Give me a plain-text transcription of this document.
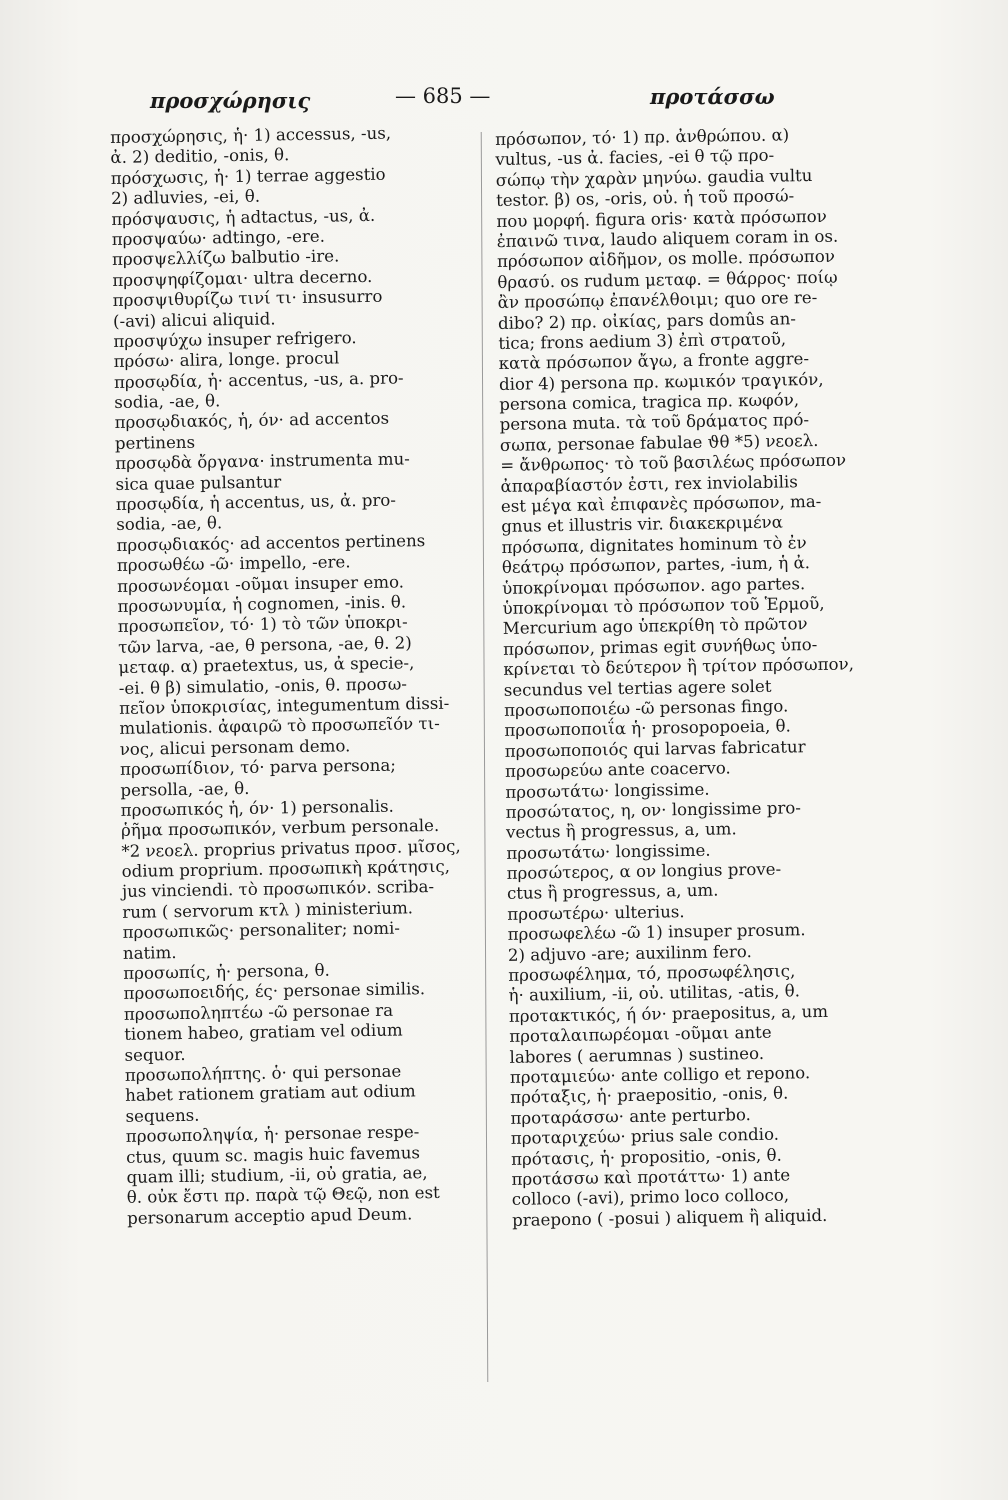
προσχώρησις	— 685 —	προτάσσω
προσχώρησις, ἡ· 1) accessus, -us,
ἀ. 2) deditio, -onis, θ.
πρόσχωσις, ἡ· 1) terrae aggestio
2) adluvies, -ei, θ.
πρόσψαυσις, ἡ adtactus, -us, ἀ.
προσψαύω· adtingo, -ere.
προσψελλίζω balbutio -ire.
προσψηφίζομαι· ultra decerno.
προσψιθυρίζω τινί τι· insusurro
(-avi) alicui aliquid.
προσψύχω insuper refrigero.
πρόσω· alira, longe. procul
προσῳδία, ἡ· accentus, -us, a. pro-
sodia, -ae, θ.
προσῳδιακός, ἡ, όν· ad accentos
pertinens
προσῳδὰ ὄργανα· instrumenta mu-
sica quae pulsantur
προσῳδία, ἡ accentus, us, ἀ. pro-
sodia, -ae, θ.
προσῳδιακός· ad accentos pertinens
προσωθέω -ῶ· impello, -ere.
προσωνέομαι -οῦμαι insuper emo.
προσωνυμία, ἡ cognomen, -inis. θ.
προσωπεῖον, τό· 1) τὸ τῶν ὑποκρι-
τῶν larva, -ae, θ persona, -ae, θ. 2)
μεταφ. α) praetextus, us, ἀ specie-,
-ei. θ β) simulatio, -onis, θ. προσω-
πεῖον ὑποκρισίας, integumentum dissi-
mulationis. ἀφαιρῶ τὸ προσωπεῖόν τι-
νος, alicui personam demo.
προσωπίδιον, τό· parva persona;
persolla, -ae, θ.
προσωπικός ἡ, όν· 1) personalis.
ῥῆμα προσωπικόν, verbum personale.
*2 νεοελ. proprius privatus προσ. μῖσος,
odium proprium. προσωπικὴ κράτησις,
jus vinciendi. τὸ προσωπικόν. scriba-
rum ( servorum κτλ ) ministerium.
προσωπικῶς· personaliter; nomi-
natim.
προσωπίς, ἡ· persona, θ.
προσωποειδής, ές· personae similis.
προσωποληπτέω -ῶ personae ra
tionem habeo, gratiam vel odium
sequor.
προσωπολήπτης. ὁ· qui personae
habet rationem gratiam aut odium
sequens.
προσωποληψία, ἡ· personae respe-
ctus, quum sc. magis huic favemus
quam illi; studium, -ii, οὐ gratia, ae,
θ. οὐκ ἔστι πρ. παρὰ τῷ Θεῷ, non est
personarum acceptio apud Deum.
πρόσωπον, τό· 1) πρ. ἀνθρώπου. α)
vultus, -us ἀ. facies, -ei θ τῷ προ-
σώπῳ τὴν χαρὰν μηνύω. gaudia vultu
testor. β) os, -oris, οὐ. ἡ τοῦ προσώ-
που μορφή. figura oris· κατὰ πρόσωπον
ἐπαινῶ τινα, laudo aliquem coram in os.
πρόσωπον αἰδῆμον, os molle. πρόσωπον
θρασύ. os rudum μεταφ. = θάρρος· ποίῳ
ἂν προσώπῳ ἐπανέλθοιμι; quo ore re-
dibo? 2) πρ. οἰκίας, pars domûs an-
tica; frons aedium 3) ἐπὶ στρατοῦ,
κατὰ πρόσωπον ἄγω, a fronte aggre-
dior 4) persona πρ. κωμικόν τραγικόν,
persona comica, tragica πρ. κωφόν,
persona muta. τὰ τοῦ δράματος πρό-
σωπα, personae fabulae ϑθ *5) νεοελ.
= ἄνθρωπος· τὸ τοῦ βασιλέως πρόσωπον
ἀπαραβίαστόν ἐστι, rex inviolabilis
est μέγα καὶ ἐπιφανὲς πρόσωπον, ma-
gnus et illustris vir. διακεκριμένα
πρόσωπα, dignitates hominum τὸ ἐν
θεάτρῳ πρόσωπον, partes, -ium, ἡ ἀ.
ὑποκρίνομαι πρόσωπον. ago partes.
ὑποκρίνομαι τὸ πρόσωπον τοῦ Ἑρμοῦ,
Mercurium ago ὑπεκρίθη τὸ πρῶτον
πρόσωπον, primas egit συνήθως ὑπο-
κρίνεται τὸ δεύτερον ἢ τρίτον πρόσωπον,
secundus vel tertias agere solet
προσωποποιέω -ῶ personas fingo.
προσωποποιΐα ἡ· prosopopoeia, θ.
προσωποποιός qui larvas fabricatur
προσωρεύω ante coacervo.
προσωτάτω· longissime.
προσώτατος, η, ον· longissime pro-
vectus ἢ progressus, a, um.
προσωτάτω· longissime.
προσώτερος, α ον longius prove-
ctus ἢ progressus, a, um.
προσωτέρω· ulterius.
προσωφελέω -ῶ 1) insuper prosum.
2) adjuvo -are; auxilinm fero.
προσωφέλημα, τό, προσωφέλησις,
ἡ· auxilium, -ii, οὐ. utilitas, -atis, θ.
προτακτικός, ή όν· praepositus, a, um
προταλαιπωρέομαι -οῦμαι ante
labores ( aerumnas ) sustineo.
προταμιεύω· ante colligo et repono.
πρόταξις, ἡ· praepositio, -onis, θ.
προταράσσω· ante perturbo.
προταριχεύω· prius sale condio.
πρότασις, ἡ· propositio, -onis, θ.
προτάσσω καὶ προτάττω· 1) ante
colloco (-avi), primo loco colloco,
praepono ( -posui ) aliquem ἢ aliquid.
